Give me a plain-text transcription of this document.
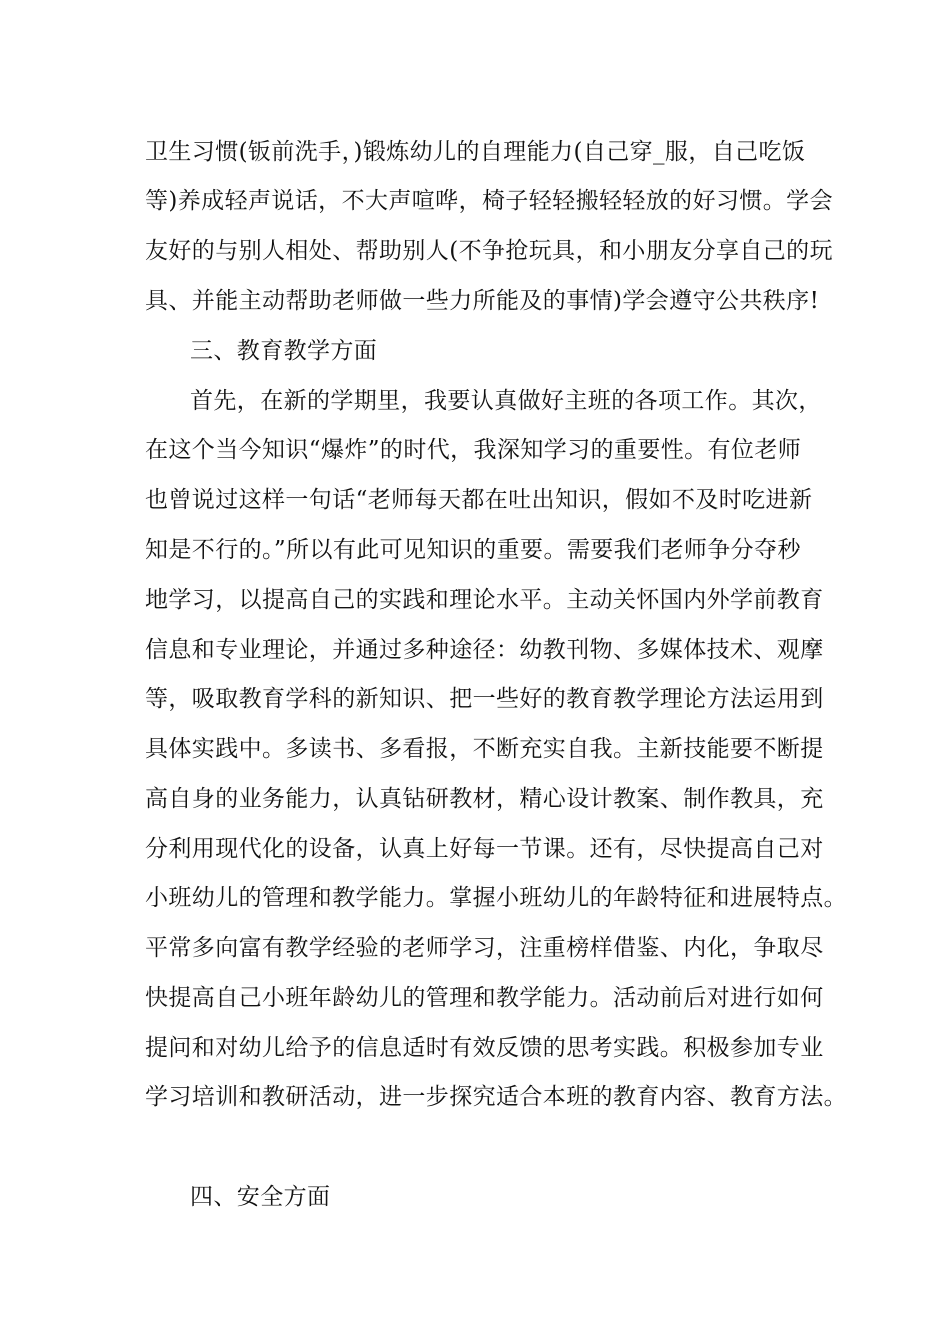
卫生习惯(钣前洗手，)锻炼幼儿的自理能力(自己穿_服，自己吃饭
等)养成轻声说话，不大声喧哗，椅子轻轻搬轻轻放的好习惯。学会
友好的与别人相处、帮助别人(不争抢玩具，和小朋友分享自己的玩
具、并能主动帮助老师做一些力所能及的事情)学会遵守公共秩序!
三、教育教学方面
首先，在新的学期里，我要认真做好主班的各项工作。其次，
在这个当今知识“爆炸”的时代，我深知学习的重要性。有位老师
也曾说过这样一句话“老师每天都在吐出知识，假如不及时吃进新
知是不行的。”所以有此可见知识的重要。需要我们老师争分夺秒
地学习，以提高自己的实践和理论水平。主动关怀国内外学前教育
信息和专业理论，并通过多种途径：幼教刊物、多媒体技术、观摩
等，吸取教育学科的新知识、把一些好的教育教学理论方法运用到
具体实践中。多读书、多看报，不断充实自我。主新技能要不断提
高自身的业务能力，认真钻研教材，精心设计教案、制作教具，充
分利用现代化的设备，认真上好每一节课。还有，尽快提高自己对
小班幼儿的管理和教学能力。掌握小班幼儿的年龄特征和进展特点。
平常多向富有教学经验的老师学习，注重榜样借鉴、内化，争取尽
快提高自己小班年龄幼儿的管理和教学能力。活动前后对进行如何
提问和对幼儿给予的信息适时有效反馈的思考实践。积极参加专业
学习培训和教研活动，进一步探究适合本班的教育内容、教育方法。
四、安全方面
